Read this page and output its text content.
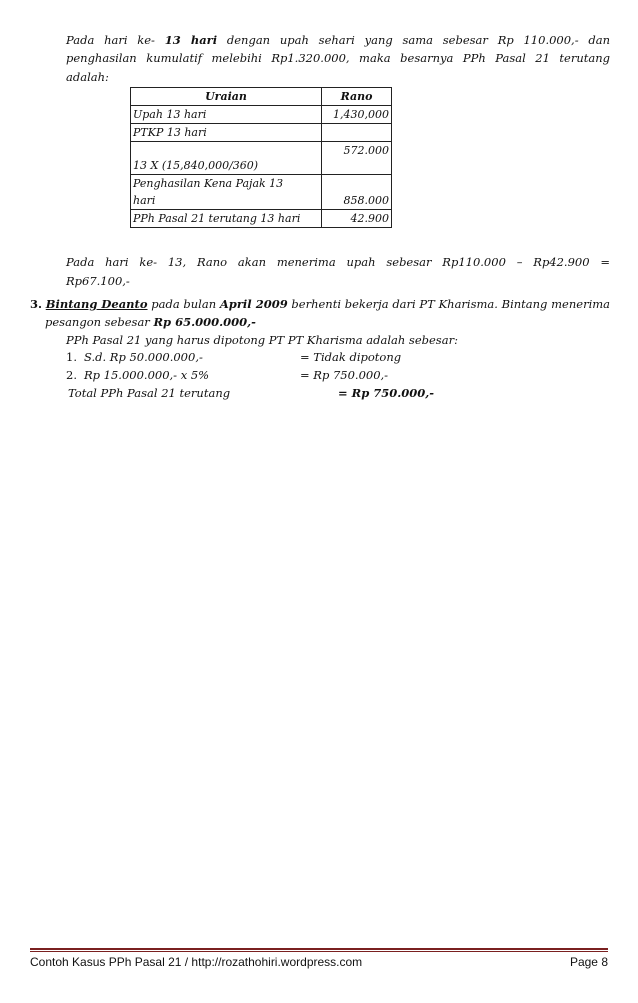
Pada hari ke- 13 hari dengan upah sehari yang sama sebesar Rp 110.000,- dan
penghasilan kumulatif melebihi Rp1.320.000, maka besarnya PPh Pasal 21 terutang
adalah:
Uraian	Rano
Upah 13 hari	1,430,000
PTKP 13 hari	
13 X (15,840,000/360)	572.000

Penghasilan Kena Pajak 13
hari	858.000
PPh Pasal 21 terutang 13 hari	42.900
Pada hari ke- 13, Rano akan menerima upah sebesar Rp110.000 – Rp42.900 =
Rp67.100,-
3. Bintang Deanto pada bulan April 2009 berhenti bekerja dari PT Kharisma. Bintang menerima
pesangon sebesar Rp 65.000.000,-
PPh Pasal 21 yang harus dipotong PT PT Kharisma adalah sebesar:
1. S.d. Rp 50.000.000,-	= Tidak dipotong
2. Rp 15.000.000,- x 5%	= Rp 750.000,-
Total PPh Pasal 21 terutang	= Rp 750.000,-
Contoh Kasus PPh Pasal 21 / http://rozathohiri.wordpress.com	Page 8
